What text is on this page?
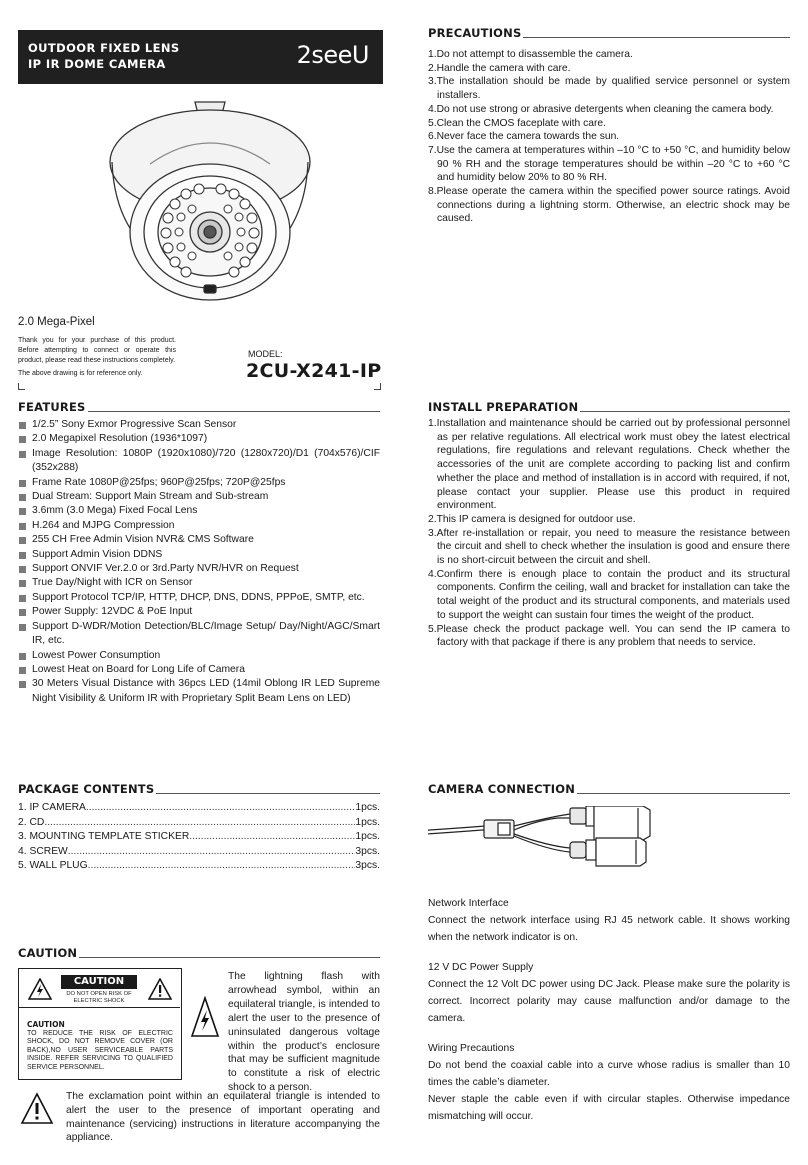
OUTDOOR FIXED LENS
IP IR DOME CAMERA	2seeU
2.0 Mega-Pixel
Thank you for your purchase of this product. Before attempting to connect or operate this product, please read these instructions completely.
The above drawing is for reference only.
MODEL:
2CU-X241-IP
PRECAUTIONS

1.Do not attempt to disassemble the camera.

2.Handle the camera with care.

3.The installation should be made by qualified service personnel or system installers.

4.Do not use strong or abrasive detergents when cleaning the camera body.

5.Clean the CMOS faceplate with care.

6.Never face the camera towards the sun.

7.Use the camera at temperatures within –10 °C to +50 °C, and humidity below 90 % RH and the storage temperatures should be within –20 °C to +60 °C and humidity below 20% to 80 % RH.

8.Please operate the camera within the specified power source ratings. Avoid connections during a lightning storm. Otherwise, an electric shock may be caused.

FEATURES
1/2.5” Sony Exmor Progressive Scan Sensor
2.0 Megapixel Resolution (1936*1097)
Image Resolution: 1080P (1920x1080)/720 (1280x720)/D1 (704x576)/CIF (352x288)
Frame Rate 1080P@25fps; 960P@25fps; 720P@25fps
Dual Stream: Support Main Stream and Sub-stream
3.6mm (3.0 Mega) Fixed Focal Lens
H.264 and MJPG Compression
255 CH Free Admin Vision NVR& CMS Software
Support Admin Vision DDNS
Support ONVIF Ver.2.0 or 3rd.Party NVR/HVR on Request
True Day/Night with ICR on Sensor
Support Protocol TCP/IP, HTTP, DHCP, DNS, DDNS, PPPoE, SMTP, etc.
Power Supply: 12VDC & PoE Input
Support D-WDR/Motion Detection/BLC/Image Setup/ Day/Night/AGC/Smart IR, etc.
Lowest Power Consumption
Lowest Heat on Board for Long Life of Camera
30 Meters Visual Distance with 36pcs LED (14mil Oblong IR LED Supreme Night Visibility & Uniform IR with Proprietary Split Beam Lens on LED)
INSTALL PREPARATION

1.Installation and maintenance should be carried out by professional personnel as per relative regulations. All electrical work must obey the latest electrical regulations, fire regulations and relevant regulations. Check whether the accessories of the unit are complete according to packing list and confirm whether the place and method of installation is in accord with required, if not, please contact your supplier. Please use this product in required environment.

2.This IP camera is designed for outdoor use.

3.After re-installation or repair, you need to measure the resistance between the circuit and shell to check whether the insulation is good and ensure there is no short-circuit between the circuit and shell.

4.Confirm there is enough place to contain the product and its structural components. Confirm the ceiling, wall and bracket for installation can take the total weight of the product and its structural components, and materials used to support the weight can sustain four times the weight of the product.

5.Please check the product package well. You can send the IP camera to factory with that package if there is any problem that needs to service.

PACKAGE CONTENTS
1. IP CAMERA .....	1pcs.
2. CD .....	1pcs.
3. MOUNTING TEMPLATE STICKER .....	1pcs.
4. SCREW .....	3pcs.
5. WALL PLUG .....	3pcs.
CAMERA CONNECTION

Network Interface

Connect the network interface using RJ 45 network cable. It shows working when the network indicator is on.

12 V DC Power Supply

Connect the 12 Volt DC power using DC Jack. Please make sure the polarity is correct. Incorrect polarity may cause malfunction and/or damage to the camera.

Wiring Precautions

Do not bend the coaxial cable into a curve whose radius is smaller than 10 times the cable’s diameter.

Never staple the cable even if with circular staples. Otherwise impedance mismatching will occur.

CAUTION
CAUTION
DO NOT OPEN RISK OF ELECTRIC SHOCK
CAUTION
TO REDUCE THE RISK OF ELECTRIC SHOCK, DO NOT REMOVE COVER (OR BACK),NO USER SERVICEABLE PARTS INSIDE. REFER SERVICING TO QUALIFIED SERVICE PERSONNEL.
The lightning flash with arrowhead symbol, within an equilateral triangle, is intended to alert the user to the presence of uninsulated dangerous voltage within the product’s enclosure that may be sufficient magnitude to constitute a risk of electric shock to a person.
The exclamation point within an equilateral triangle is intended to alert the user to the presence of important operating and maintenance (servicing) instructions in literature accompanying the appliance.
